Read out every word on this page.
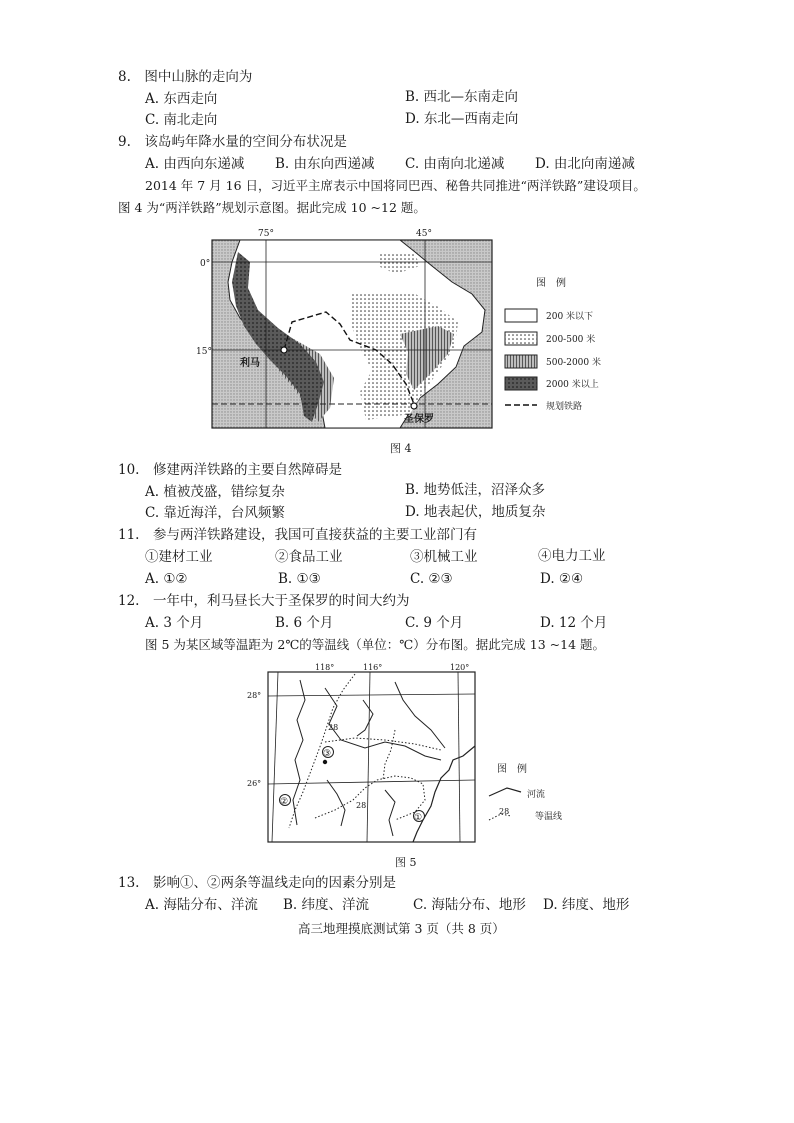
8.　图中山脉的走向为
A. 东西走向	B. 西北—东南走向
C. 南北走向	D. 东北—西南走向
9.　该岛屿年降水量的空间分布状况是
A. 由西向东递减 B. 由东向西递减 C. 由南向北递减 D. 由北向南递减
2014 年 7 月 16 日，习近平主席表示中国将同巴西、秘鲁共同推进“两洋铁路”建设项目。
图 4 为“两洋铁路”规划示意图。据此完成 10 ~12 题。
75°	45°
0°
15°
利马
圣保罗
图　例
200 米以下
200-500 米
500-2000 米
2000 米以上
规划铁路
图 4
10.　修建两洋铁路的主要自然障碍是
A. 植被茂盛，错综复杂	B. 地势低洼，沼泽众多
C. 靠近海洋，台风频繁	D. 地表起伏，地质复杂
11.　参与两洋铁路建设，我国可直接获益的主要工业部门有
①建材工业	②食品工业	③机械工业	④电力工业
A. ①②	B. ①③	C. ②③	D. ②④
12.　一年中，利马昼长大于圣保罗的时间大约为
A. 3 个月	B. 6 个月	C. 9 个月	D. 12 个月
图 5 为某区域等温距为 2℃的等温线（单位：℃）分布图。据此完成 13 ~14 题。
①
②
③
28
28
116°
118°	120°
28°
26°
图　例
河流
28
等温线
图 5
13.　影响①、②两条等温线走向的因素分别是
A. 海陆分布、洋流 B. 纬度、洋流	C. 海陆分布、地形 D. 纬度、地形
高三地理摸底测试第 3 页（共 8 页）
